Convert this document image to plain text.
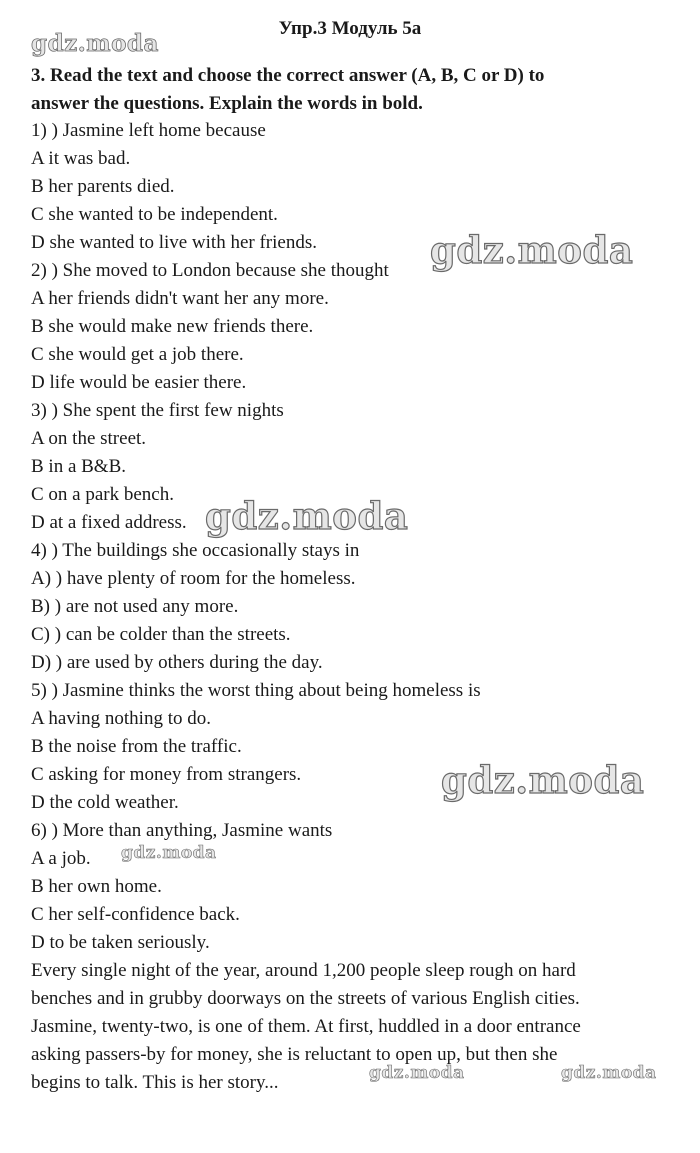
Упр.3 Модуль 5а
3. Read the text and choose the correct answer (A, B, C or D) to
answer the questions. Explain the words in bold.
1) ) Jasmine left home because
A it was bad.
B her parents died.
C she wanted to be independent.
D she wanted to live with her friends.
2) ) She moved to London because she thought
A her friends didn't want her any more.
B she would make new friends there.
C she would get a job there.
D life would be easier there.
3) ) She spent the first few nights
A on the street.
B in a B&B.
C on a park bench.
D at a fixed address.
4) ) The buildings she occasionally stays in
A) ) have plenty of room for the homeless.
B) ) are not used any more.
C) ) can be colder than the streets.
D) ) are used by others during the day.
5) ) Jasmine thinks the worst thing about being homeless is
A having nothing to do.
B the noise from the traffic.
C asking for money from strangers.
D the cold weather.
6) ) More than anything, Jasmine wants
A a job.
B her own home.
C her self-confidence back.
D to be taken seriously.
Every single night of the year, around 1,200 people sleep rough on hard
benches and in grubby doorways on the streets of various English cities.
Jasmine, twenty-two, is one of them. At first, huddled in a door entrance
asking passers-by for money, she is reluctant to open up, but then she
begins to talk. This is her story...
gdz.moda
gdz.moda
gdz.moda
gdz.moda
gdz.moda
gdz.moda	gdz.moda
